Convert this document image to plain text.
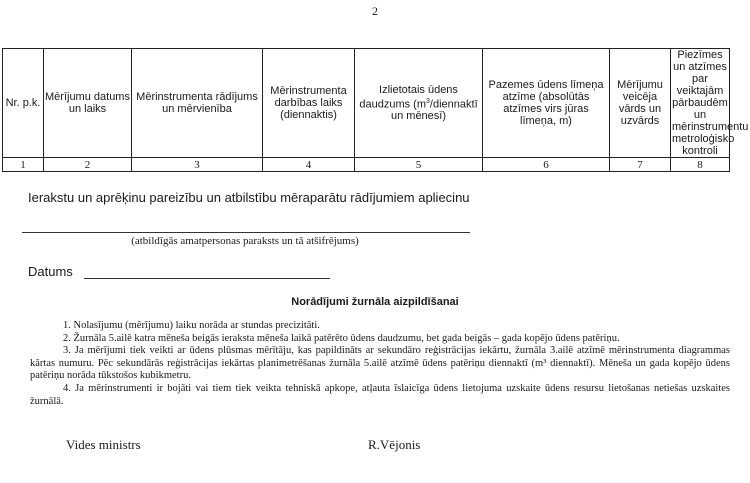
2
Nr. p.k.	Mērījumu datums un laiks	Mērinstrumenta rādījums un mērvienība	Mērinstrumenta darbības laiks (diennaktis)	Izlietotais ūdens daudzums ($m^3$/diennaktī un mēnesī)	Pazemes ūdens līmeņa atzīme (absolūtās atzīmes virs jūras līmeņa, m)	Mērījumu veicēja vārds un uzvārds	Piezīmes un atzīmes par veiktajām pārbaudēm un mērinstrumentu metroloģisko kontroli
1	2	3	4	5	6	7	8
Ierakstu un aprēķinu pareizību un atbilstību mēraparātu rādījumiem apliecinu
(atbildīgās amatpersonas paraksts un tā atšifrējums)
Datums
Norādījumi žurnāla aizpildīšanai

1. Nolasījumu (mērījumu) laiku norāda ar stundas precizitāti.

2. Žurnāla 5.ailē katra mēneša beigās ieraksta mēneša laikā patērēto ūdens daudzumu, bet gada beigās – gada kopējo ūdens patēriņu.

3. Ja mērījumi tiek veikti ar ūdens plūsmas mērītāju, kas papildināts ar sekundāro reģistrācijas iekārtu, žurnāla 3.ailē atzīmē mērinstrumenta diagrammas kārtas numuru. Pēc sekundārās reģistrācijas iekārtas planimetrēšanas žurnāla 5.ailē atzīmē ūdens patēriņu diennaktī (m³ diennaktī). Mēneša un gada kopējo ūdens patēriņu norāda tūkstošos kubikmetru.

4. Ja mērinstrumenti ir bojāti vai tiem tiek veikta tehniskā apkope, atļauta īslaicīga ūdens lietojuma uzskaite ūdens resursu lietošanas netiešas uzskaites žurnālā.

Vides ministrs	R.Vējonis
